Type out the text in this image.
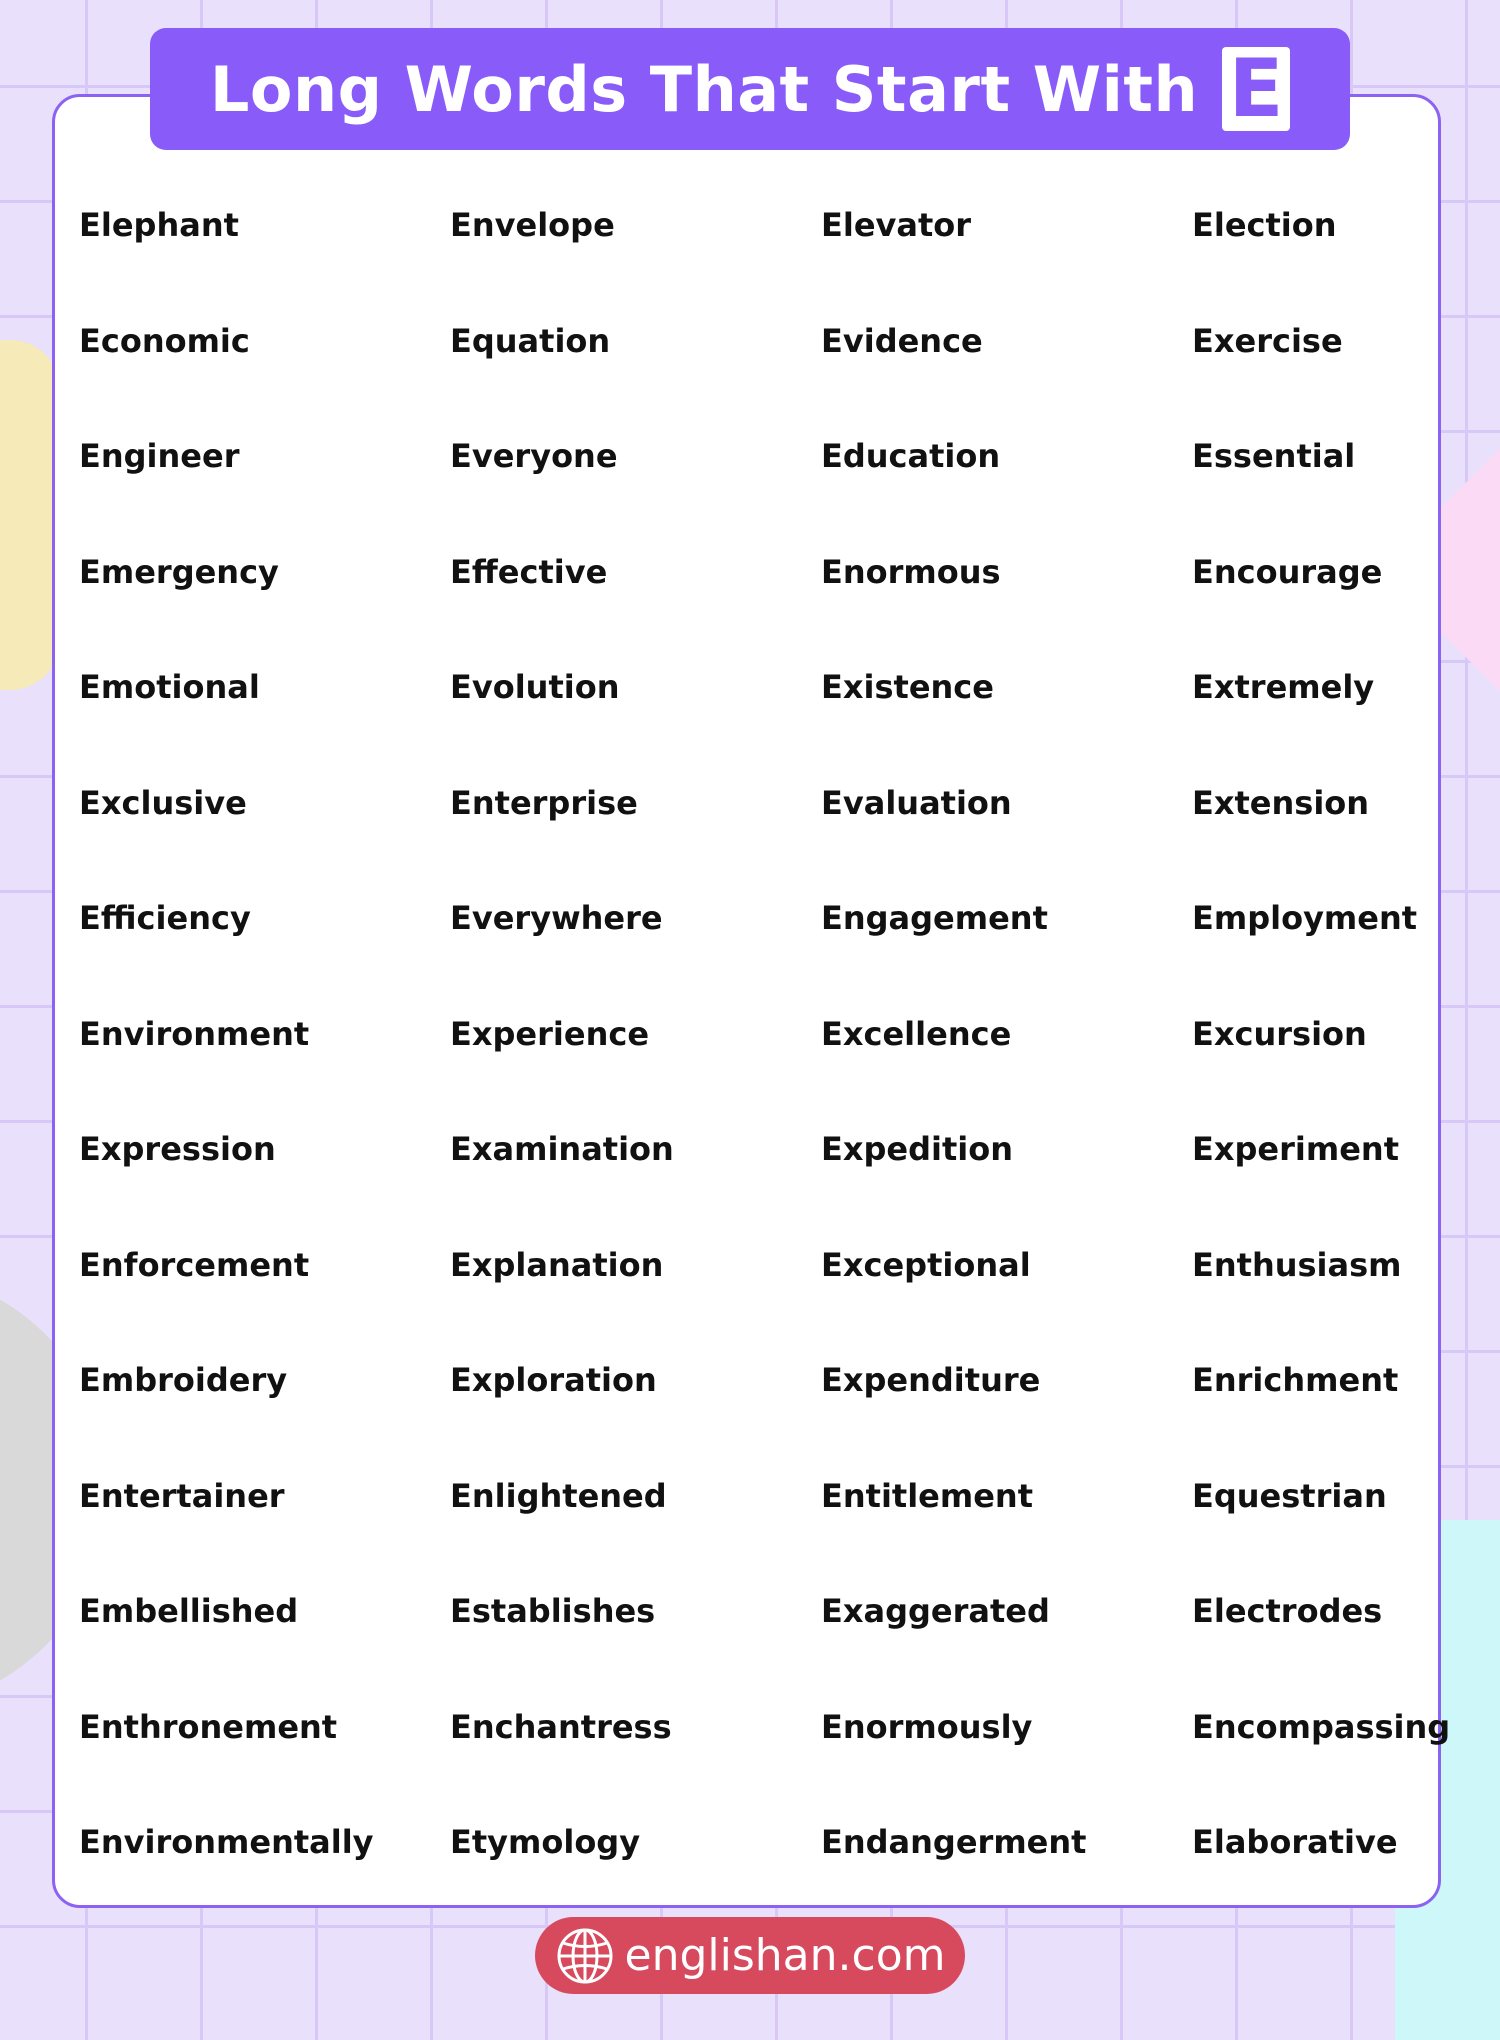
Elephant	Envelope	Elevator	Election
Economic	Equation	Evidence	Exercise
Engineer	Everyone	Education	Essential
Emergency	Effective	Enormous	Encourage
Emotional	Evolution	Existence	Extremely
Exclusive	Enterprise	Evaluation	Extension
Efficiency	Everywhere	Engagement	Employment
Environment	Experience	Excellence	Excursion
Expression	Examination	Expedition	Experiment
Enforcement	Explanation	Exceptional	Enthusiasm
Embroidery	Exploration	Expenditure	Enrichment
Entertainer	Enlightened	Entitlement	Equestrian
Embellished	Establishes	Exaggerated	Electrodes
Enthronement	Enchantress	Enormously	Encompassing
Environmentally	Etymology	Endangerment	Elaborative
Long Words That Start With E
englishan.com
